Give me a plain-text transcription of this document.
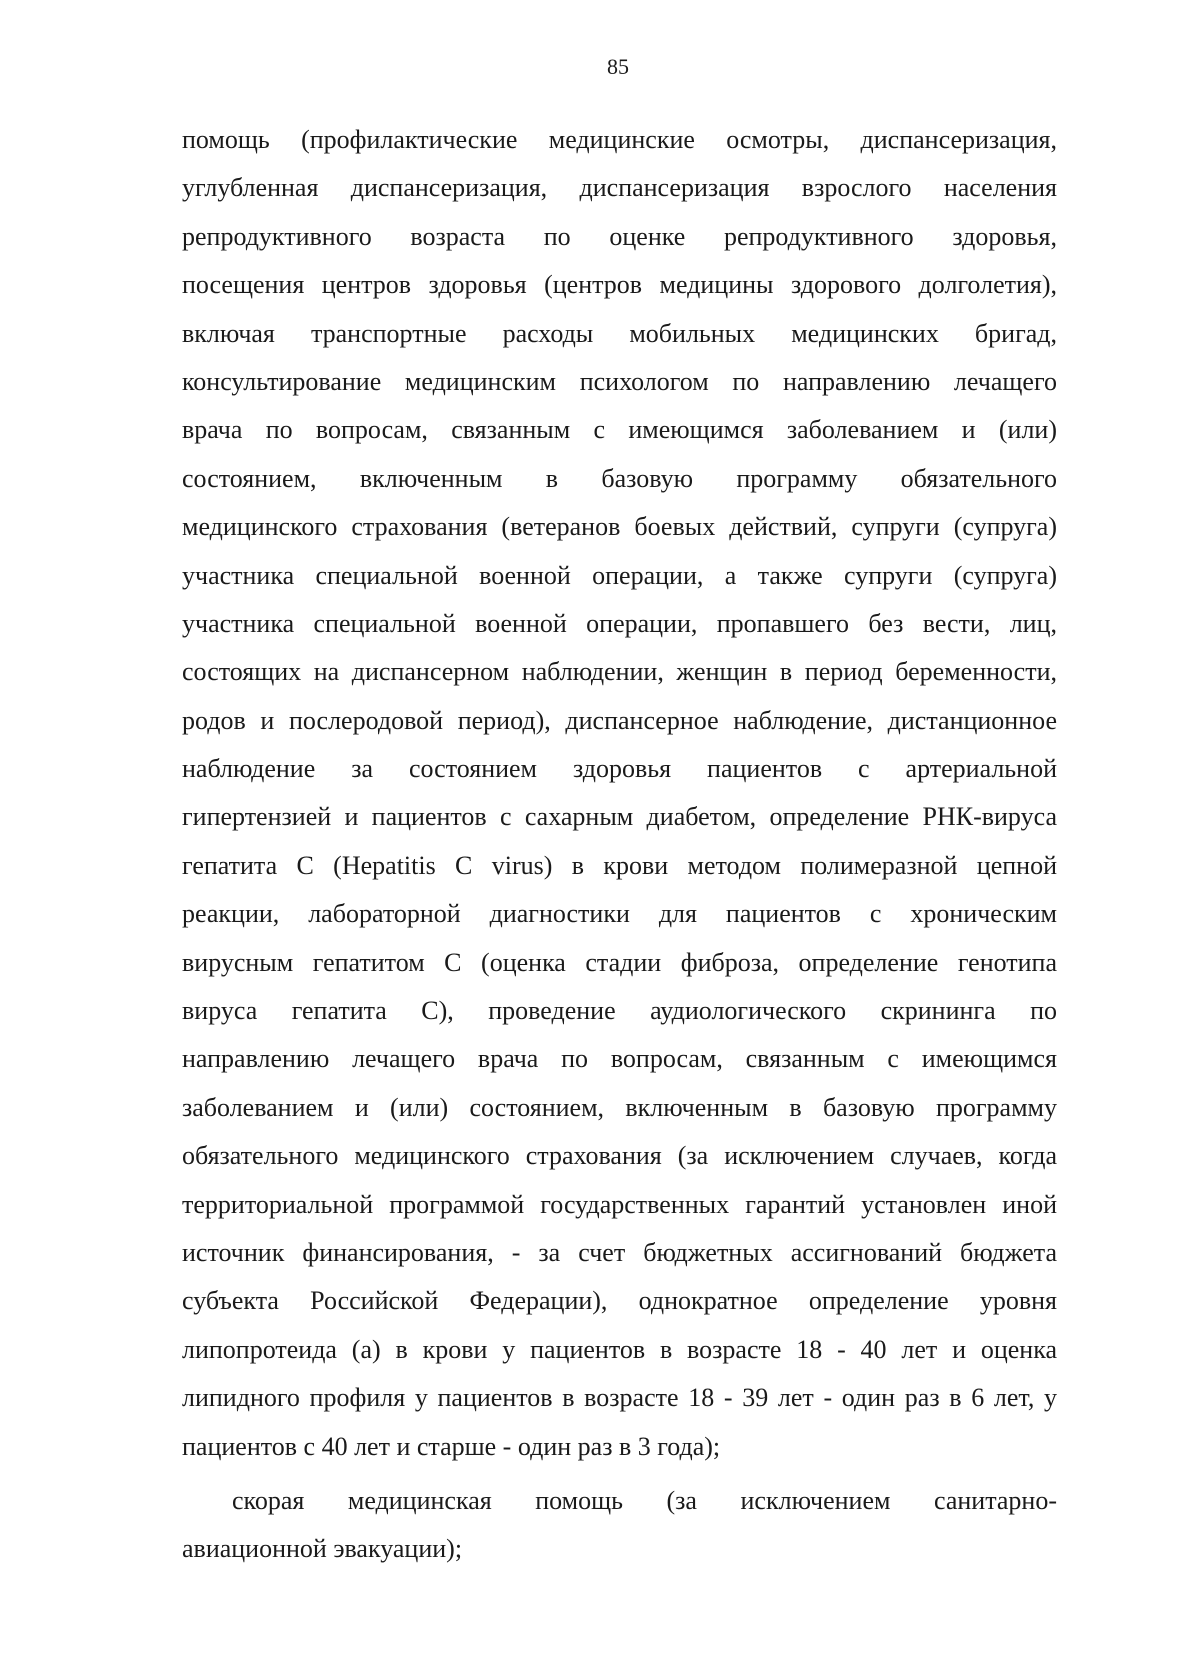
85
помощь (профилактические медицинские осмотры, диспансеризация,
углубленная диспансеризация, диспансеризация взрослого населения
репродуктивного возраста по оценке репродуктивного здоровья,
посещения центров здоровья (центров медицины здорового долголетия),
включая транспортные расходы мобильных медицинских бригад,
консультирование медицинским психологом по направлению лечащего
врача по вопросам, связанным с имеющимся заболеванием и (или)
состоянием, включенным в базовую программу обязательного
медицинского страхования (ветеранов боевых действий, супруги (супруга)
участника специальной военной операции, а также супруги (супруга)
участника специальной военной операции, пропавшего без вести, лиц,
состоящих на диспансерном наблюдении, женщин в период беременности,
родов и послеродовой период), диспансерное наблюдение, дистанционное
наблюдение за состоянием здоровья пациентов с артериальной
гипертензией и пациентов с сахарным диабетом, определение РНК-вируса
гепатита С (Hepatitis C virus) в крови методом полимеразной цепной
реакции, лабораторной диагностики для пациентов с хроническим
вирусным гепатитом С (оценка стадии фиброза, определение генотипа
вируса гепатита С), проведение аудиологического скрининга по
направлению лечащего врача по вопросам, связанным с имеющимся
заболеванием и (или) состоянием, включенным в базовую программу
обязательного медицинского страхования (за исключением случаев, когда
территориальной программой государственных гарантий установлен иной
источник финансирования, - за счет бюджетных ассигнований бюджета
субъекта Российской Федерации), однократное определение уровня
липопротеида (а) в крови у пациентов в возрасте 18 - 40 лет и оценка
липидного профиля у пациентов в возрасте 18 - 39 лет - один раз в 6 лет, у
пациентов с 40 лет и старше - один раз в 3 года);
скорая медицинская помощь (за исключением санитарно-
авиационной эвакуации);
